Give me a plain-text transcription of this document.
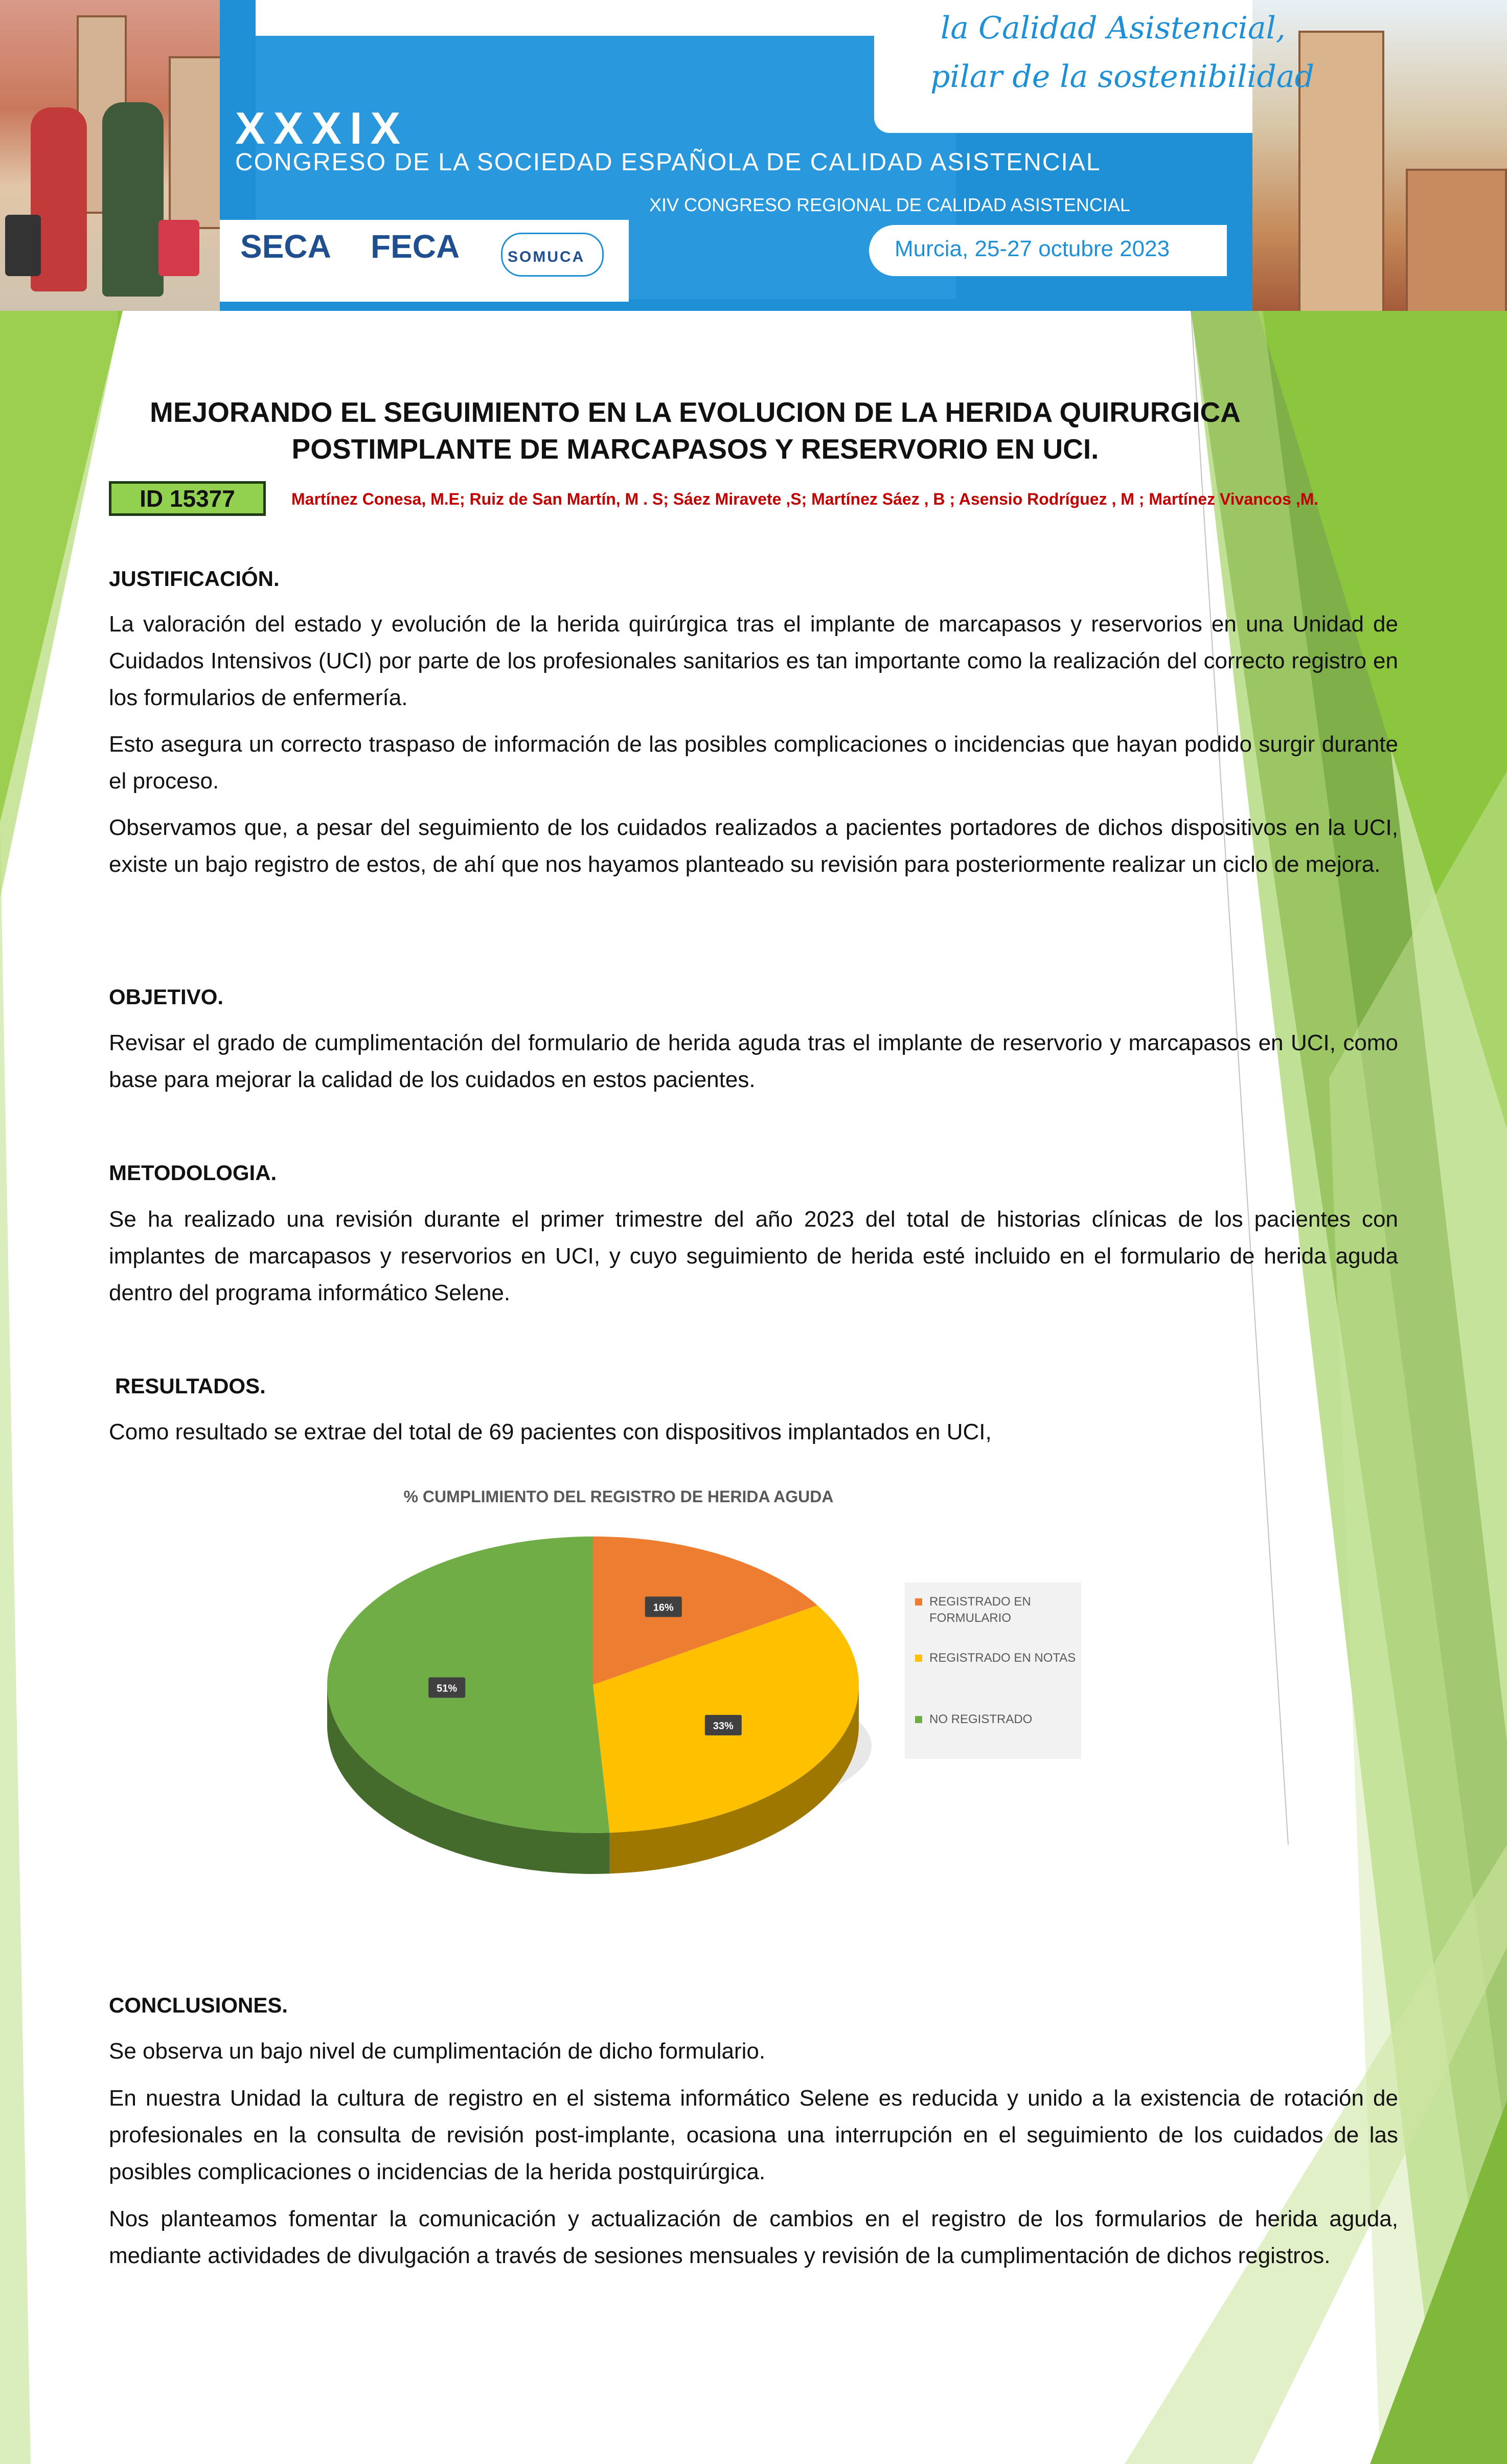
XXXIX
CONGRESO DE LA SOCIEDAD ESPAÑOLA DE CALIDAD ASISTENCIAL
XIV CONGRESO REGIONAL DE CALIDAD ASISTENCIAL
la Calidad Asistencial,
pilar de la sostenibilidad
Murcia, 25-27 octubre 2023
SECA FECA	SOMUCA
MEJORANDO EL SEGUIMIENTO EN LA EVOLUCION DE LA HERIDA QUIRURGICA POSTIMPLANTE DE MARCAPASOS Y RESERVORIO EN UCI.
ID 15377	Martínez Conesa, M.E; Ruiz de San Martín, M . S; Sáez Miravete ,S; Martínez Sáez , B ; Asensio Rodríguez , M ; Martínez Vivancos ,M.
JUSTIFICACIÓN.
La valoración del estado y evolución de la herida quirúrgica tras el implante de marcapasos y reservorios en una Unidad de Cuidados Intensivos (UCI) por parte de los profesionales sanitarios es tan importante como la realización del correcto registro en los formularios de enfermería.
Esto asegura un correcto traspaso de información de las posibles complicaciones o incidencias que hayan podido surgir durante el proceso.
Observamos que, a pesar del seguimiento de los cuidados realizados a pacientes portadores de dichos dispositivos en la UCI, existe un bajo registro de estos, de ahí que nos hayamos planteado su revisión para posteriormente realizar un ciclo de mejora.
OBJETIVO.
Revisar el grado de cumplimentación del formulario de herida aguda tras el implante de reservorio y marcapasos en UCI, como base para mejorar la calidad de los cuidados en estos pacientes.
METODOLOGIA.
Se ha realizado una revisión durante el primer trimestre del año 2023 del total de historias clínicas de los pacientes con implantes de marcapasos y reservorios en UCI, y cuyo seguimiento de herida esté incluido en el formulario de herida aguda dentro del programa informático Selene.
RESULTADOS.
Como resultado se extrae del total de 69 pacientes con dispositivos implantados en UCI,
% CUMPLIMIENTO DEL REGISTRO DE HERIDA AGUDA
16%
33%
51%
REGISTRADO EN FORMULARIO
REGISTRADO EN NOTAS
NO REGISTRADO
CONCLUSIONES.
Se observa un bajo nivel de cumplimentación de dicho formulario.
En nuestra Unidad la cultura de registro en el sistema informático Selene es reducida y unido a la existencia de rotación de profesionales en la consulta de revisión post-implante, ocasiona una interrupción en el seguimiento de los cuidados de las posibles complicaciones o incidencias de la herida postquirúrgica.
Nos planteamos fomentar la comunicación y actualización de cambios en el registro de los formularios de herida aguda, mediante actividades de divulgación a través de sesiones mensuales y revisión de la cumplimentación de dichos registros.
